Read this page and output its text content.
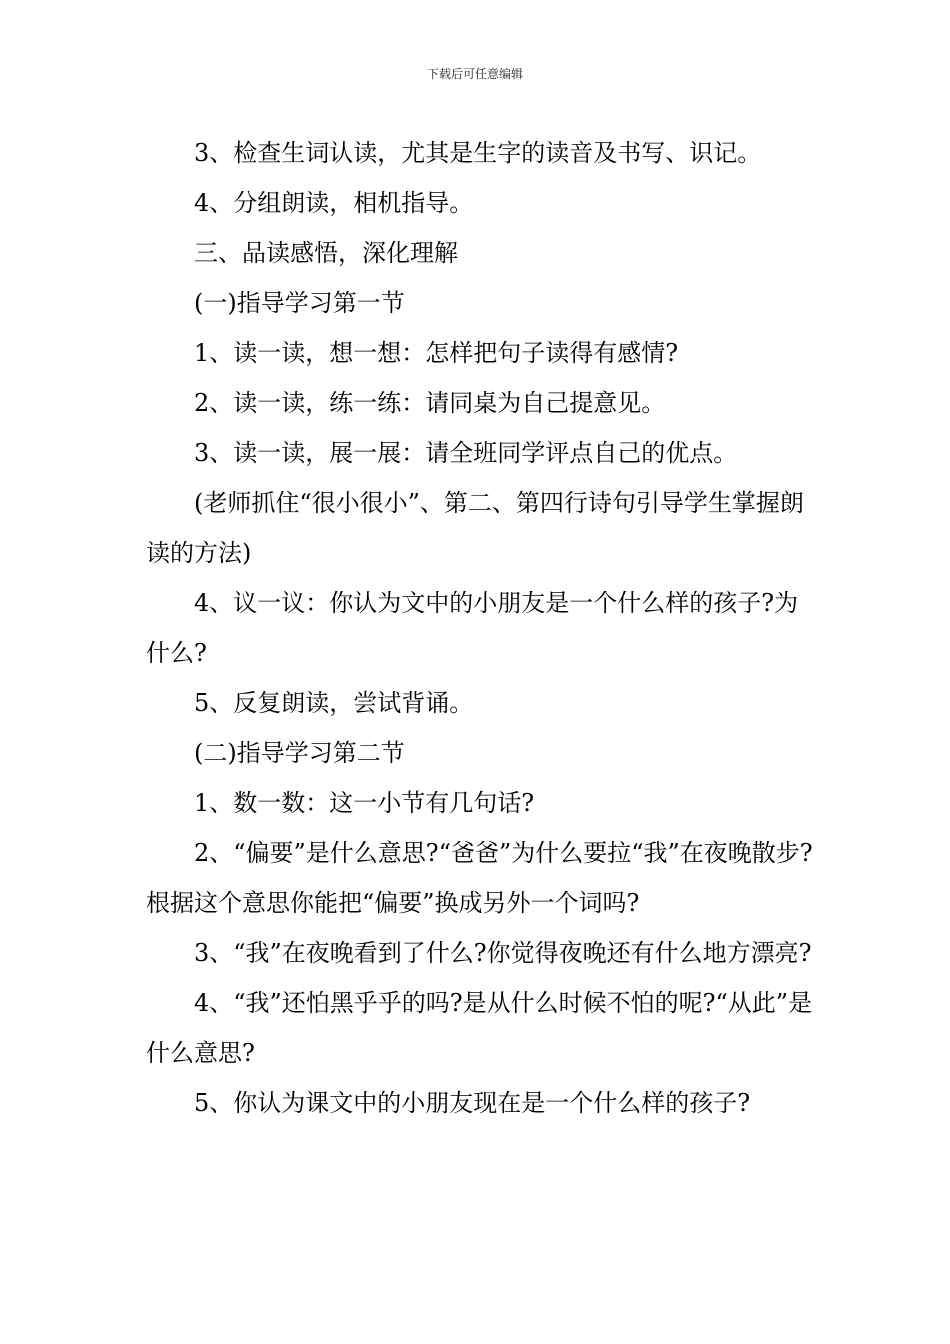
下载后可任意编辑

3、检查生词认读，尤其是生字的读音及书写、识记。

4、分组朗读，相机指导。

三、品读感悟，深化理解

(一)指导学习第一节

1、读一读，想一想：怎样把句子读得有感情?

2、读一读，练一练：请同桌为自己提意见。

3、读一读，展一展：请全班同学评点自己的优点。

(老师抓住“很小很小”、第二、第四行诗句引导学生掌握朗读的方法)

4、议一议：你认为文中的小朋友是一个什么样的孩子?为什么?

5、反复朗读，尝试背诵。

(二)指导学习第二节

1、数一数：这一小节有几句话?

2、“偏要”是什么意思?“爸爸”为什么要拉“我”在夜晚散步?根据这个意思你能把“偏要”换成另外一个词吗?

3、“我”在夜晚看到了什么?你觉得夜晚还有什么地方漂亮?

4、“我”还怕黑乎乎的吗?是从什么时候不怕的呢?“从此”是什么意思?

5、你认为课文中的小朋友现在是一个什么样的孩子?
